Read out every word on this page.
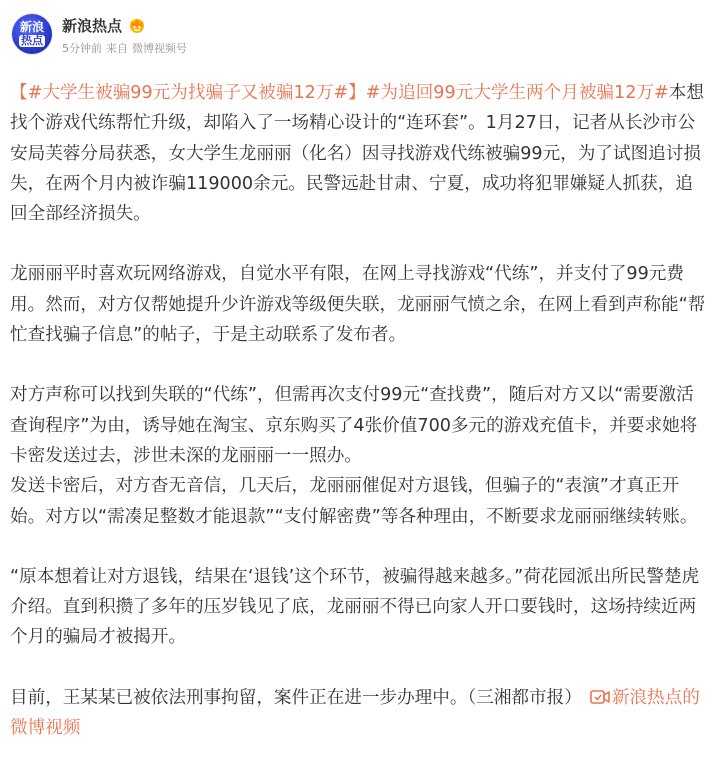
新浪
热点
新浪热点
5分钟前 来自 微博视频号

【#大学生被骗99元为找骗子又被骗12万#】#为追回99元大学生两个月被骗12万#本想找个游戏代练帮忙升级，却陷入了一场精心设计的“连环套”。1月27日，记者从长沙市公安局芙蓉分局获悉，女大学生龙丽丽（化名）因寻找游戏代练被骗99元，为了试图追讨损失，在两个月内被诈骗119000余元。民警远赴甘肃、宁夏，成功将犯罪嫌疑人抓获，追回全部经济损失。

龙丽丽平时喜欢玩网络游戏，自觉水平有限，在网上寻找游戏“代练”，并支付了99元费用。然而，对方仅帮她提升少许游戏等级便失联，龙丽丽气愤之余，在网上看到声称能“帮忙查找骗子信息”的帖子，于是主动联系了发布者。

对方声称可以找到失联的“代练”，但需再次支付99元“查找费”，随后对方又以“需要激活查询程序”为由，诱导她在淘宝、京东购买了4张价值700多元的游戏充值卡，并要求她将卡密发送过去，涉世未深的龙丽丽一一照办。

发送卡密后，对方杳无音信，几天后，龙丽丽催促对方退钱，但骗子的“表演”才真正开始。对方以“需凑足整数才能退款”“支付解密费”等各种理由，不断要求龙丽丽继续转账。

“原本想着让对方退钱，结果在‘退钱’这个环节，被骗得越来越多。”荷花园派出所民警楚虎介绍。直到积攒了多年的压岁钱见了底，龙丽丽不得已向家人开口要钱时，这场持续近两个月的骗局才被揭开。

目前，王某某已被依法刑事拘留，案件正在进一步办理中。（三湘都市报） 新浪热点的微博视频
